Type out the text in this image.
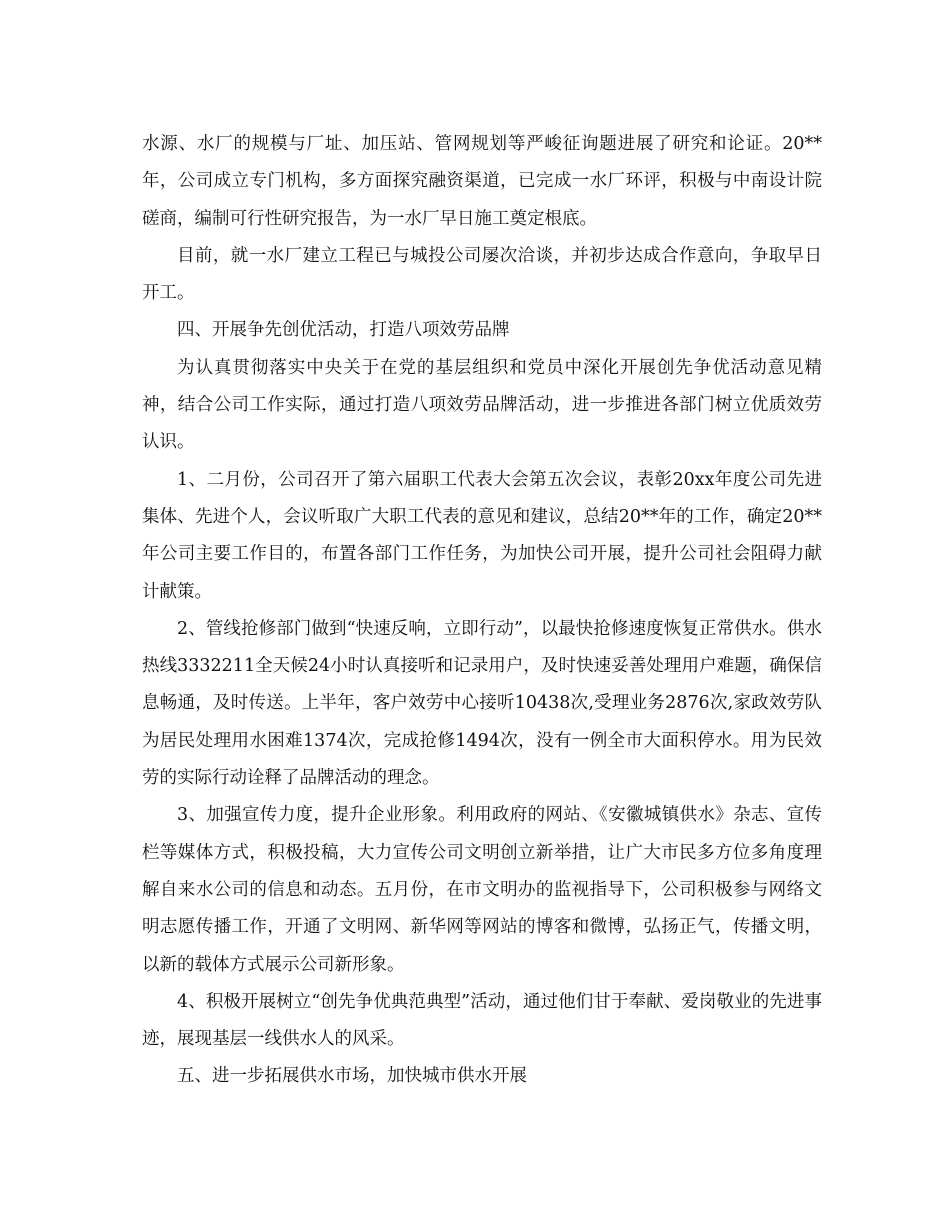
水源、水厂的规模与厂址、加压站、管网规划等严峻征询题进展了研究和论证。20**年，公司成立专门机构，多方面探究融资渠道，已完成一水厂环评，积极与中南设计院磋商，编制可行性研究报告，为一水厂早日施工奠定根底。

目前，就一水厂建立工程已与城投公司屡次洽谈，并初步达成合作意向，争取早日开工。

四、开展争先创优活动，打造八项效劳品牌

为认真贯彻落实中央关于在党的基层组织和党员中深化开展创先争优活动意见精神，结合公司工作实际，通过打造八项效劳品牌活动，进一步推进各部门树立优质效劳认识。

1、二月份，公司召开了第六届职工代表大会第五次会议，表彰20xx年度公司先进集体、先进个人，会议听取广大职工代表的意见和建议，总结20**年的工作，确定20**年公司主要工作目的，布置各部门工作任务，为加快公司开展，提升公司社会阻碍力献计献策。

2、管线抢修部门做到“快速反响，立即行动”，以最快抢修速度恢复正常供水。供水热线3332211全天候24小时认真接听和记录用户，及时快速妥善处理用户难题，确保信息畅通，及时传送。上半年，客户效劳中心接听10438次,受理业务2876次,家政效劳队为居民处理用水困难1374次，完成抢修1494次，没有一例全市大面积停水。用为民效劳的实际行动诠释了品牌活动的理念。

3、加强宣传力度，提升企业形象。利用政府的网站、《安徽城镇供水》杂志、宣传栏等媒体方式，积极投稿，大力宣传公司文明创立新举措，让广大市民多方位多角度理解自来水公司的信息和动态。五月份，在市文明办的监视指导下，公司积极参与网络文明志愿传播工作，开通了文明网、新华网等网站的博客和微博，弘扬正气，传播文明，以新的载体方式展示公司新形象。

4、积极开展树立“创先争优典范典型”活动，通过他们甘于奉献、爱岗敬业的先进事迹，展现基层一线供水人的风采。

五、进一步拓展供水市场，加快城市供水开展
